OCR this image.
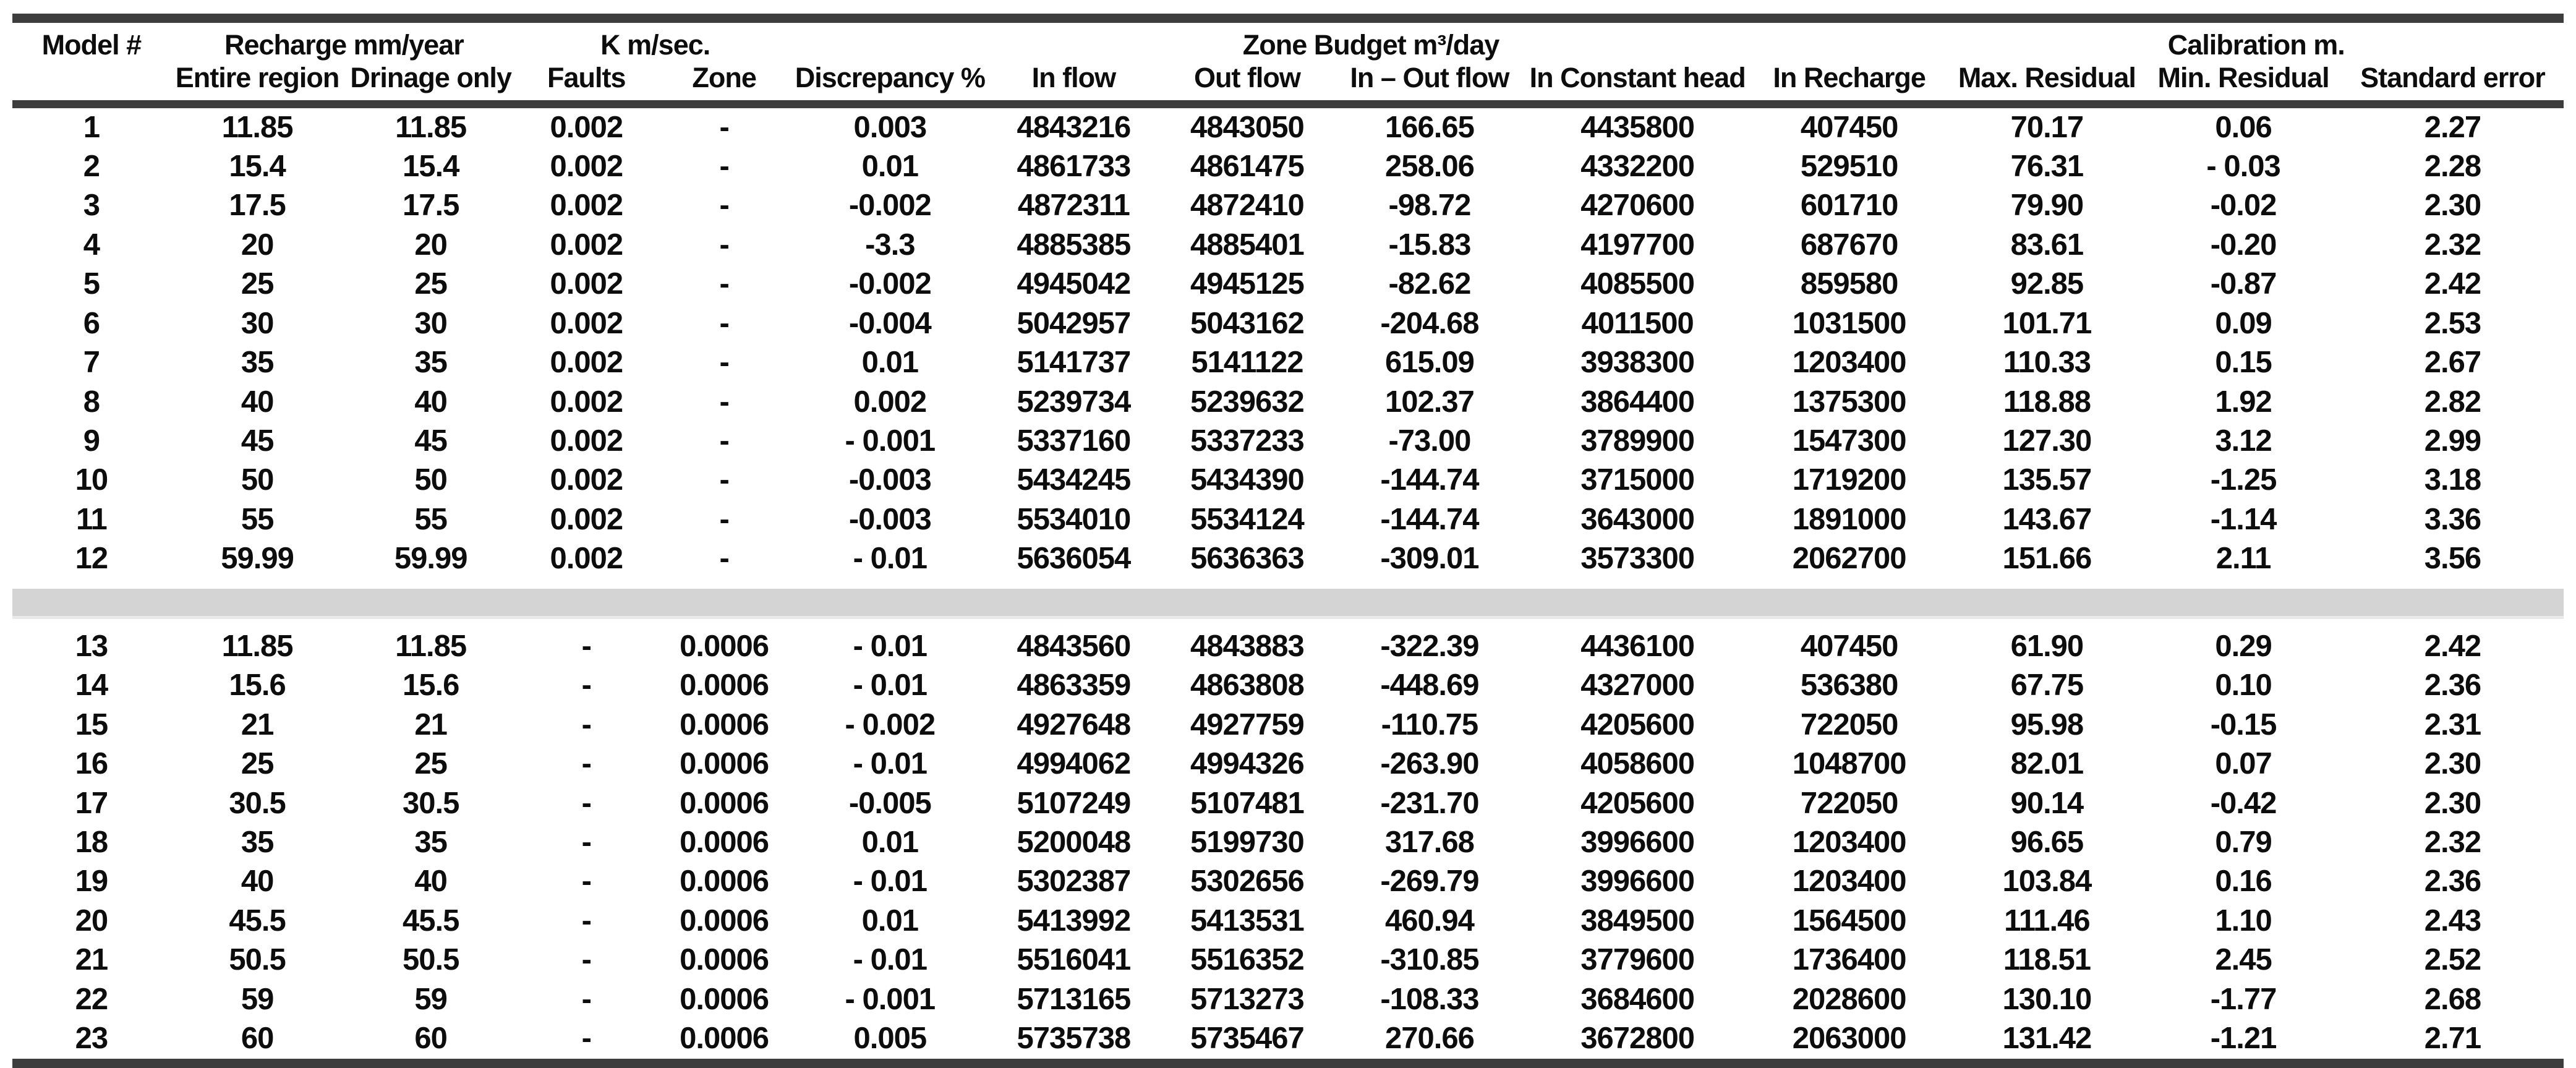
Model #	Recharge mm/year		K m/sec.		Zone Budget m³/day						Calibration m.		
	Entire region	Drinage only	Faults	Zone	Discrepancy %	In flow	Out flow	In – Out flow	In Constant head	In Recharge	Max. Residual	Min. Residual	Standard error
1	11.85	11.85	0.002	-	0.003	4843216	4843050	166.65	4435800	407450	70.17	0.06	2.27
2	15.4	15.4	0.002	-	0.01	4861733	4861475	258.06	4332200	529510	76.31	- 0.03	2.28
3	17.5	17.5	0.002	-	-0.002	4872311	4872410	-98.72	4270600	601710	79.90	-0.02	2.30
4	20	20	0.002	-	-3.3	4885385	4885401	-15.83	4197700	687670	83.61	-0.20	2.32
5	25	25	0.002	-	-0.002	4945042	4945125	-82.62	4085500	859580	92.85	-0.87	2.42
6	30	30	0.002	-	-0.004	5042957	5043162	-204.68	4011500	1031500	101.71	0.09	2.53
7	35	35	0.002	-	0.01	5141737	5141122	615.09	3938300	1203400	110.33	0.15	2.67
8	40	40	0.002	-	0.002	5239734	5239632	102.37	3864400	1375300	118.88	1.92	2.82
9	45	45	0.002	-	- 0.001	5337160	5337233	-73.00	3789900	1547300	127.30	3.12	2.99
10	50	50	0.002	-	-0.003	5434245	5434390	-144.74	3715000	1719200	135.57	-1.25	3.18
11	55	55	0.002	-	-0.003	5534010	5534124	-144.74	3643000	1891000	143.67	-1.14	3.36
12	59.99	59.99	0.002	-	- 0.01	5636054	5636363	-309.01	3573300	2062700	151.66	2.11	3.56

13	11.85	11.85	-	0.0006	- 0.01	4843560	4843883	-322.39	4436100	407450	61.90	0.29	2.42
14	15.6	15.6	-	0.0006	- 0.01	4863359	4863808	-448.69	4327000	536380	67.75	0.10	2.36
15	21	21	-	0.0006	- 0.002	4927648	4927759	-110.75	4205600	722050	95.98	-0.15	2.31
16	25	25	-	0.0006	- 0.01	4994062	4994326	-263.90	4058600	1048700	82.01	0.07	2.30
17	30.5	30.5	-	0.0006	-0.005	5107249	5107481	-231.70	4205600	722050	90.14	-0.42	2.30
18	35	35	-	0.0006	0.01	5200048	5199730	317.68	3996600	1203400	96.65	0.79	2.32
19	40	40	-	0.0006	- 0.01	5302387	5302656	-269.79	3996600	1203400	103.84	0.16	2.36
20	45.5	45.5	-	0.0006	0.01	5413992	5413531	460.94	3849500	1564500	111.46	1.10	2.43
21	50.5	50.5	-	0.0006	- 0.01	5516041	5516352	-310.85	3779600	1736400	118.51	2.45	2.52
22	59	59	-	0.0006	- 0.001	5713165	5713273	-108.33	3684600	2028600	130.10	-1.77	2.68
23	60	60	-	0.0006	0.005	5735738	5735467	270.66	3672800	2063000	131.42	-1.21	2.71
